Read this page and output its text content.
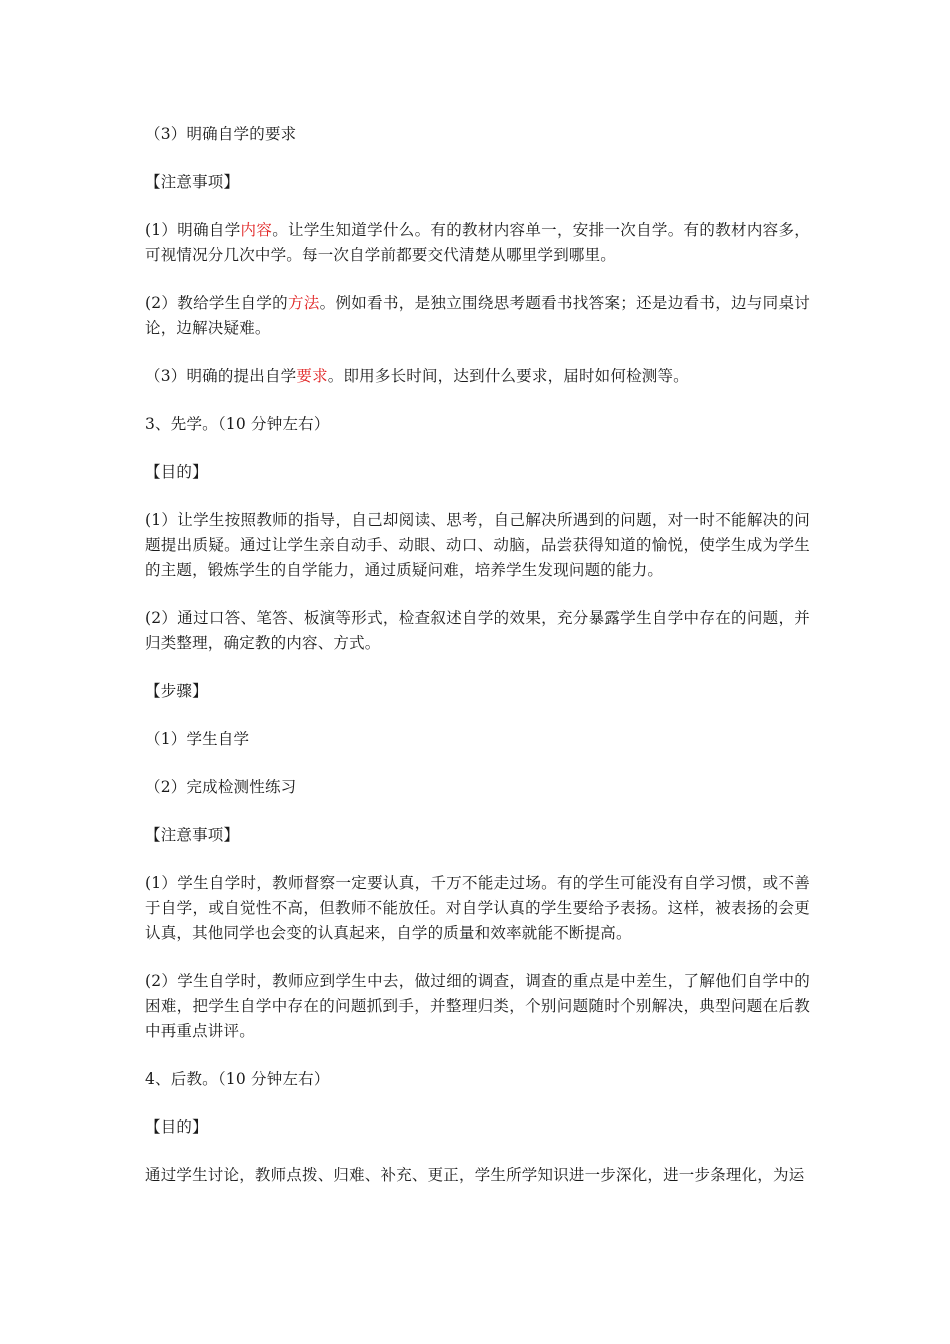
（3）明确自学的要求

【注意事项】

(1）明确自学内容。让学生知道学什么。有的教材内容单一，安排一次自学。有的教材内容多，可视情况分几次中学。每一次自学前都要交代清楚从哪里学到哪里。

(2）教给学生自学的方法。例如看书，是独立围绕思考题看书找答案；还是边看书，边与同桌讨论，边解决疑难。

（3）明确的提出自学要求。即用多长时间，达到什么要求，届时如何检测等。

3、先学。（10 分钟左右）

【目的】

(1）让学生按照教师的指导，自己却阅读、思考，自己解决所遇到的问题，对一时不能解决的问题提出质疑。通过让学生亲自动手、动眼、动口、动脑，品尝获得知道的愉悦，使学生成为学生的主题，锻炼学生的自学能力，通过质疑问难，培养学生发现问题的能力。

(2）通过口答、笔答、板演等形式，检查叙述自学的效果，充分暴露学生自学中存在的问题，并归类整理，确定教的内容、方式。

【步骤】

（1）学生自学

（2）完成检测性练习

【注意事项】

(1）学生自学时，教师督察一定要认真，千万不能走过场。有的学生可能没有自学习惯，或不善于自学，或自觉性不高，但教师不能放任。对自学认真的学生要给予表扬。这样，被表扬的会更认真，其他同学也会变的认真起来，自学的质量和效率就能不断提高。

(2）学生自学时，教师应到学生中去，做过细的调查，调查的重点是中差生，了解他们自学中的困难，把学生自学中存在的问题抓到手，并整理归类，个别问题随时个别解决，典型问题在后教中再重点讲评。

4、后教。（10 分钟左右）

【目的】

通过学生讨论，教师点拨、归难、补充、更正，学生所学知识进一步深化，进一步条理化，为运
